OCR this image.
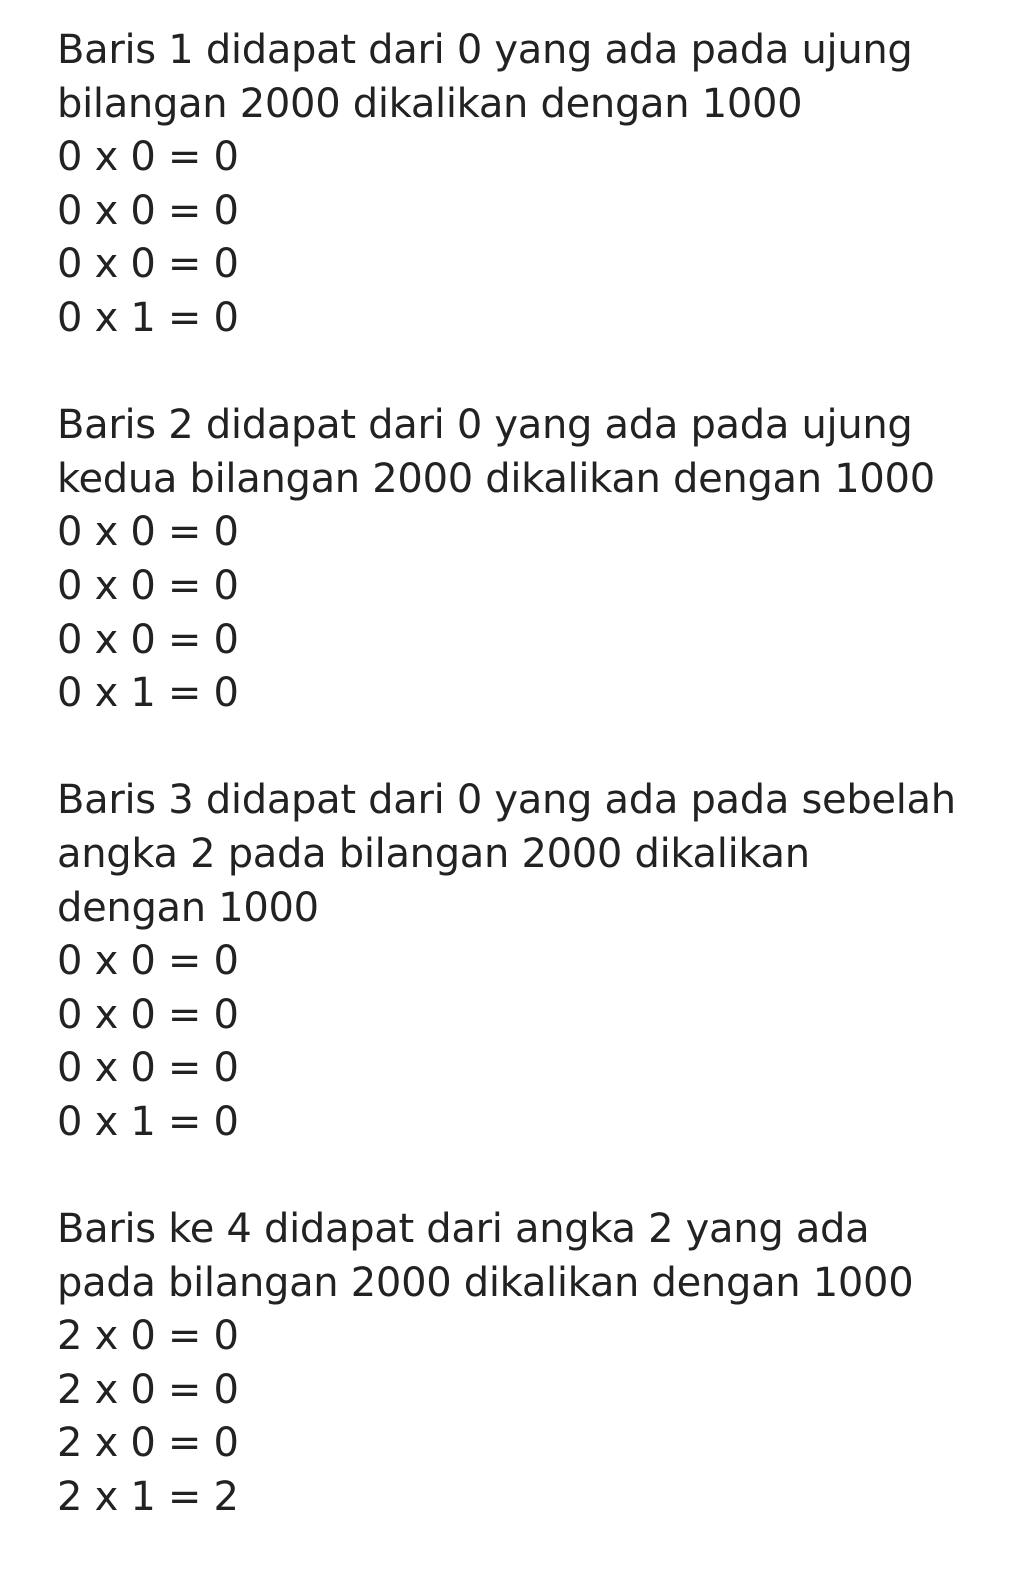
Baris 1 didapat dari 0 yang ada pada ujung
bilangan 2000 dikalikan dengan 1000
0 x 0 = 0
0 x 0 = 0
0 x 0 = 0
0 x 1 = 0
Baris 2 didapat dari 0 yang ada pada ujung
kedua bilangan 2000 dikalikan dengan 1000
0 x 0 = 0
0 x 0 = 0
0 x 0 = 0
0 x 1 = 0
Baris 3 didapat dari 0 yang ada pada sebelah
angka 2 pada bilangan 2000 dikalikan
dengan 1000
0 x 0 = 0
0 x 0 = 0
0 x 0 = 0
0 x 1 = 0
Baris ke 4 didapat dari angka 2 yang ada
pada bilangan 2000 dikalikan dengan 1000
2 x 0 = 0
2 x 0 = 0
2 x 0 = 0
2 x 1 = 2
